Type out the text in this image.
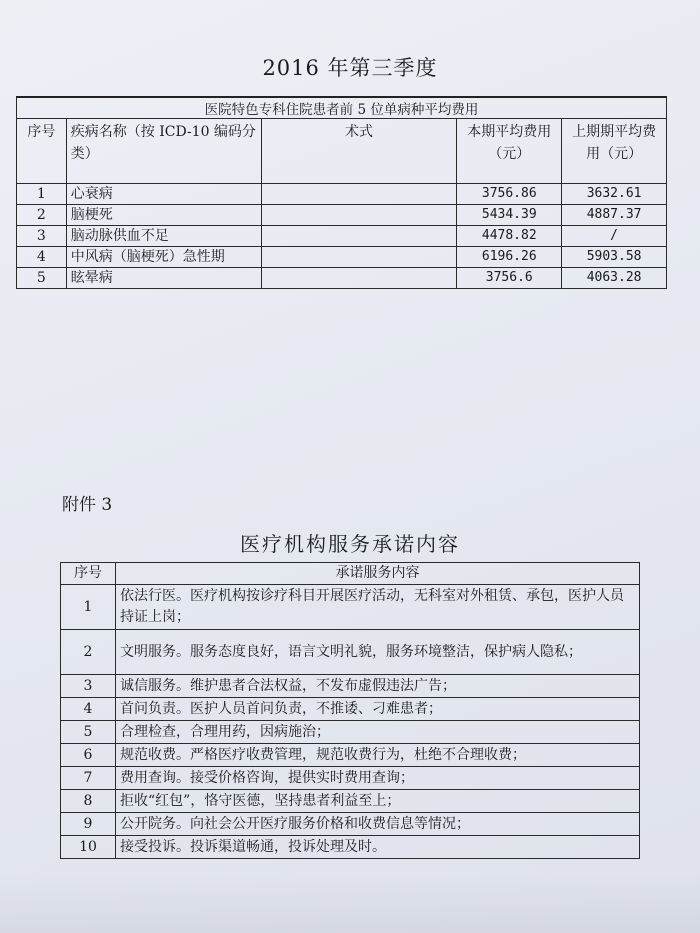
2016 年第三季度
医院特色专科住院患者前 5 位单病种平均费用				
序号	疾病名称（按 ICD-10 编码分类）	术式	本期平均费用（元）	上期期平均费用（元）
1	心衰病		3756.86	3632.61
2	脑梗死		5434.39	4887.37
3	脑动脉供血不足		4478.82	/
4	中风病（脑梗死）急性期		6196.26	5903.58
5	眩晕病		3756.6	4063.28
附件 3
医疗机构服务承诺内容
序号	承诺服务内容
1	依法行医。医疗机构按诊疗科目开展医疗活动，无科室对外租赁、承包，医护人员持证上岗；
2	文明服务。服务态度良好，语言文明礼貌，服务环境整洁，保护病人隐私；
3	诚信服务。维护患者合法权益，不发布虚假违法广告；
4	首问负责。医护人员首问负责，不推诿、刁难患者；
5	合理检查，合理用药，因病施治；
6	规范收费。严格医疗收费管理，规范收费行为，杜绝不合理收费；
7	费用查询。接受价格咨询，提供实时费用查询；
8	拒收“红包”，恪守医德，坚持患者利益至上；
9	公开院务。向社会公开医疗服务价格和收费信息等情况；
10	接受投诉。投诉渠道畅通，投诉处理及时。
